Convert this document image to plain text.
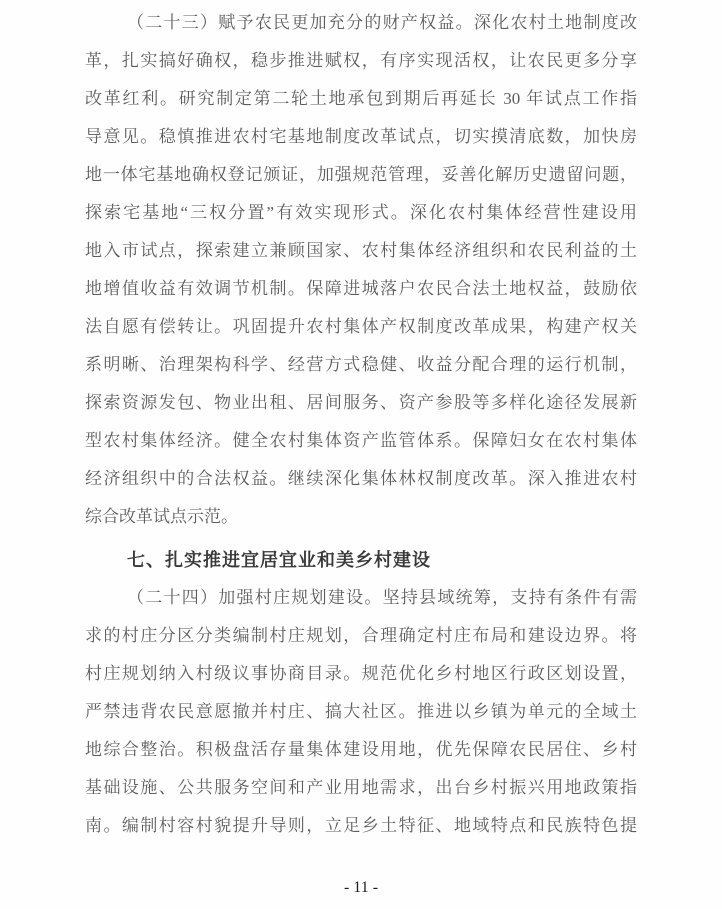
（二十三）赋予农民更加充分的财产权益。深化农村土地制度改
革，扎实搞好确权，稳步推进赋权，有序实现活权，让农民更多分享
改革红利。研究制定第二轮土地承包到期后再延长 30 年试点工作指
导意见。稳慎推进农村宅基地制度改革试点，切实摸清底数，加快房
地一体宅基地确权登记颁证，加强规范管理，妥善化解历史遗留问题，
探索宅基地“三权分置”有效实现形式。深化农村集体经营性建设用
地入市试点，探索建立兼顾国家、农村集体经济组织和农民利益的土
地增值收益有效调节机制。保障进城落户农民合法土地权益，鼓励依
法自愿有偿转让。巩固提升农村集体产权制度改革成果，构建产权关
系明晰、治理架构科学、经营方式稳健、收益分配合理的运行机制，
探索资源发包、物业出租、居间服务、资产参股等多样化途径发展新
型农村集体经济。健全农村集体资产监管体系。保障妇女在农村集体
经济组织中的合法权益。继续深化集体林权制度改革。深入推进农村
综合改革试点示范。
七、扎实推进宜居宜业和美乡村建设
（二十四）加强村庄规划建设。坚持县域统筹，支持有条件有需
求的村庄分区分类编制村庄规划，合理确定村庄布局和建设边界。将
村庄规划纳入村级议事协商目录。规范优化乡村地区行政区划设置，
严禁违背农民意愿撤并村庄、搞大社区。推进以乡镇为单元的全域土
地综合整治。积极盘活存量集体建设用地，优先保障农民居住、乡村
基础设施、公共服务空间和产业用地需求，出台乡村振兴用地政策指
南。编制村容村貌提升导则，立足乡土特征、地域特点和民族特色提
- 11 -
